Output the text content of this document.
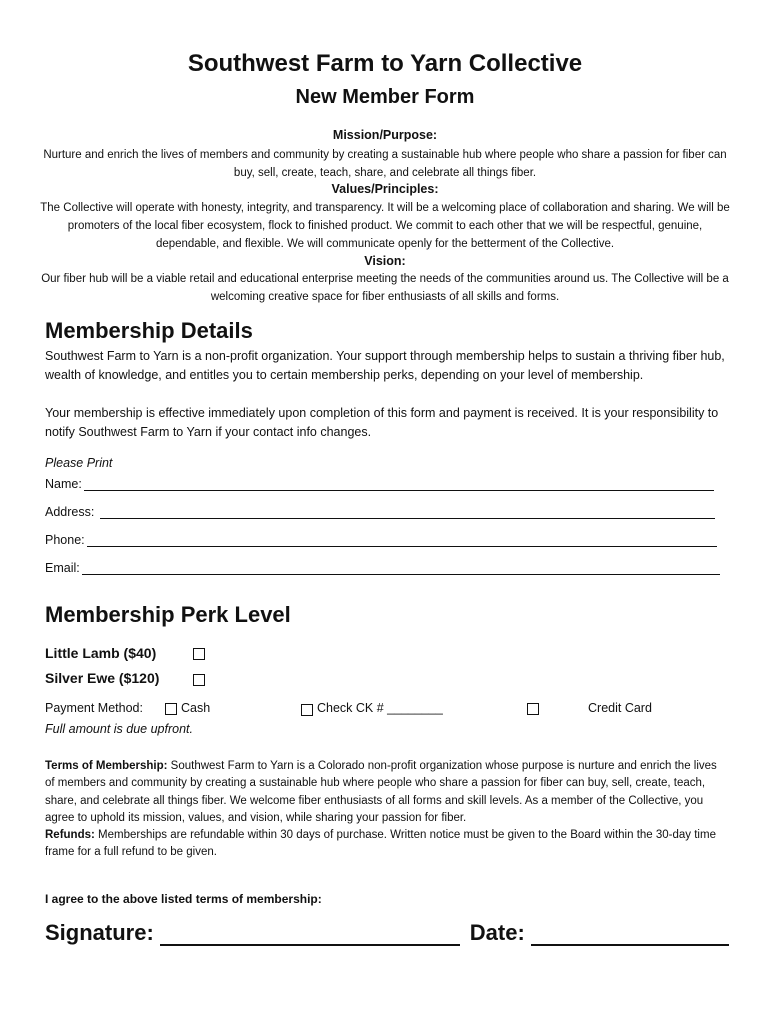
Southwest Farm to Yarn Collective
New Member Form
Mission/Purpose:
Nurture and enrich the lives of members and community by creating a sustainable hub where people who share a passion for fiber can buy, sell, create, teach, share, and celebrate all things fiber.
Values/Principles:
The Collective will operate with honesty, integrity, and transparency. It will be a welcoming place of collaboration and sharing. We will be promoters of the local fiber ecosystem, flock to finished product. We commit to each other that we will be respectful, genuine, dependable, and flexible. We will communicate openly for the betterment of the Collective.
Vision:
Our fiber hub will be a viable retail and educational enterprise meeting the needs of the communities around us. The Collective will be a welcoming creative space for fiber enthusiasts of all skills and forms.
Membership Details
Southwest Farm to Yarn is a non-profit organization. Your support through membership helps to sustain a thriving fiber hub, wealth of knowledge, and entitles you to certain membership perks, depending on your level of membership.
Your membership is effective immediately upon completion of this form and payment is received. It is your responsibility to notify Southwest Farm to Yarn if your contact info changes.
Please Print
Name:
Address:
Phone:
Email:
Membership Perk Level
Little Lamb ($40)
Silver Ewe ($120)
Payment Method:	Cash	Check CK # ________	Credit Card
Full amount is due upfront.
Terms of Membership: Southwest Farm to Yarn is a Colorado non-profit organization whose purpose is nurture and enrich the lives of members and community by creating a sustainable hub where people who share a passion for fiber can buy, sell, create, teach, share, and celebrate all things fiber. We welcome fiber enthusiasts of all forms and skill levels. As a member of the Collective, you agree to uphold its mission, values, and vision, while sharing your passion for fiber.
Refunds: Memberships are refundable within 30 days of purchase. Written notice must be given to the Board within the 30-day time frame for a full refund to be given.
I agree to the above listed terms of membership:
Signature:	Date:
